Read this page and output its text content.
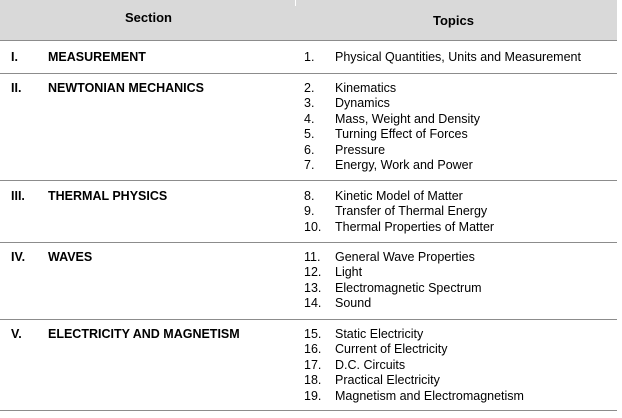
Section	Topics
I. MEASUREMENT	1. Physical Quantities, Units and Measurement
II. NEWTONIAN MECHANICS	2. Kinematics
3. Dynamics
4. Mass, Weight and Density
5. Turning Effect of Forces
6. Pressure
7. Energy, Work and Power
III. THERMAL PHYSICS	8. Kinetic Model of Matter
9. Transfer of Thermal Energy
10. Thermal Properties of Matter
IV. WAVES	11. General Wave Properties
12. Light
13. Electromagnetic Spectrum
14. Sound
V. ELECTRICITY AND MAGNETISM	15. Static Electricity
16. Current of Electricity
17. D.C. Circuits
18. Practical Electricity
19. Magnetism and Electromagnetism
